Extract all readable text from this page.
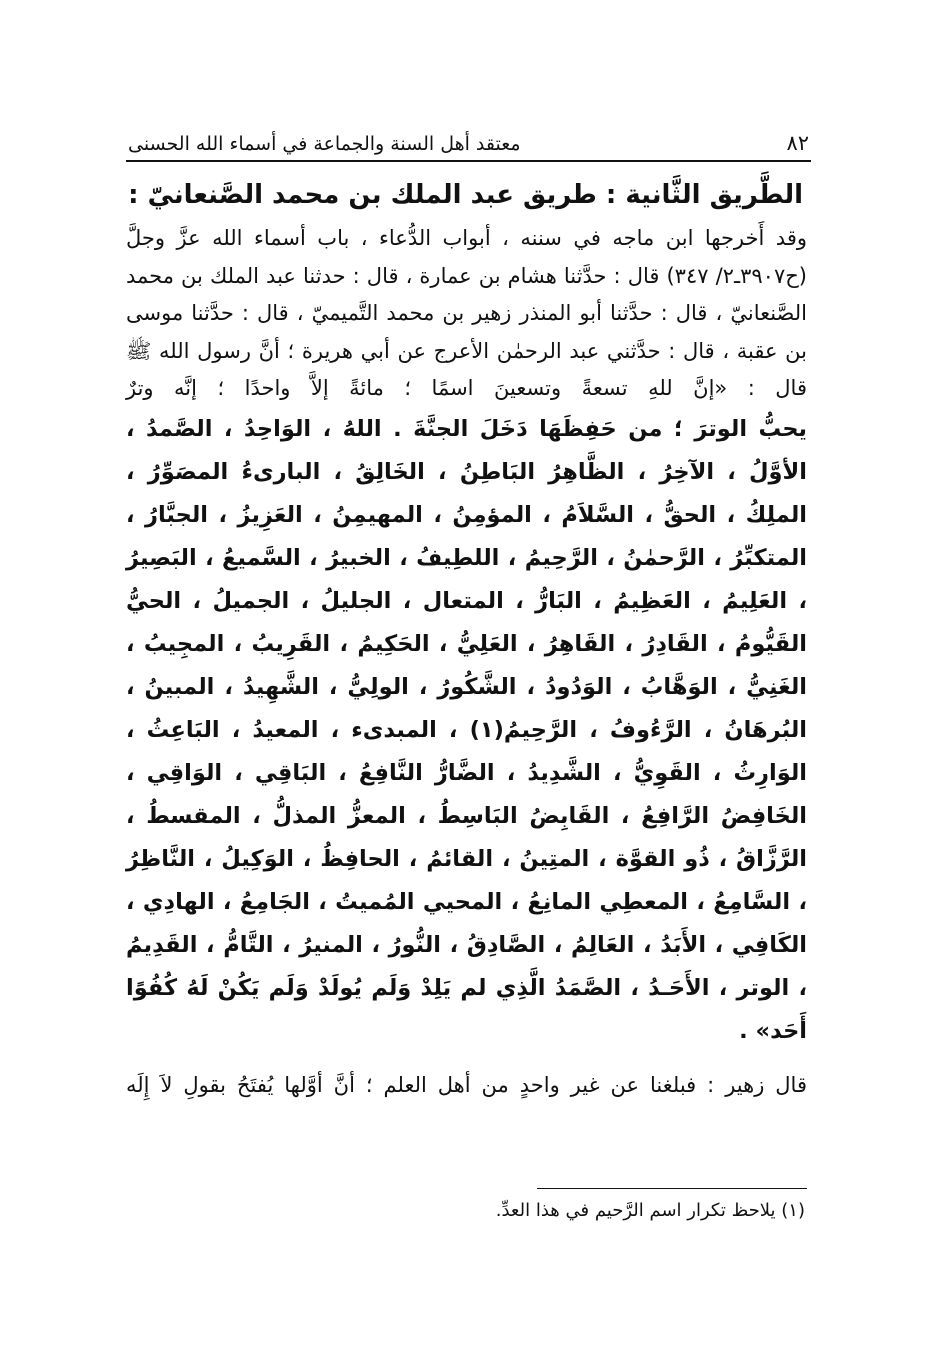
٨٢
معتقد أهل السنة والجماعة في أسماء الله الحسنى
الطَّريق الثَّانية : طريق عبد الملك بن محمد الصَّنعانيّ :

وقد أَخرجها ابن ماجه في سننه ، أبواب الدُّعاء ، باب أسماء الله عزَّ وجلَّ (ح٣٩٠٧ـ٢/ ٣٤٧) قال : حدَّثنا هشام بن عمارة ، قال : حدثنا عبد الملك بن محمد الصَّنعانيّ ، قال : حدَّثنا أبو المنذر زهير بن محمد التَّميميّ ، قال : حدَّثنا موسى بن عقبة ، قال : حدَّثني عبد الرحمٰن الأعرج عن أبي هريرة ؛ أنَّ رسول الله ﷺ قال : «إنَّ للهِ تسعةً وتسعينَ اسمًا ؛ مائةً إلاَّ واحدًا ؛ إنَّه وترٌ

يحبُّ الوترَ ؛ من حَفِظَهَا دَخَلَ الجنَّةَ . اللهُ ، الوَاحِدُ ، الصَّمدُ ، الأوَّلُ ، الآخِرُ ، الظَّاهِرُ البَاطِنُ ، الخَالِقُ ، البارىءُ المصَوِّرُ ، الملِكُ ، الحقُّ ، السَّلاَمُ ، المؤمِنُ ، المهيمِنُ ، العَزِيزُ ، الجبَّارُ ، المتكبِّرُ ، الرَّحمٰنُ ، الرَّحِيمُ ، اللطِيفُ ، الخبيرُ ، السَّميعُ ، البَصِيرُ ، العَلِيمُ ، العَظِيمُ ، البَارُّ ، المتعال ، الجليلُ ، الجميلُ ، الحيُّ القَيُّومُ ، القَادِرُ ، القَاهِرُ ، العَلِيُّ ، الحَكِيمُ ، القَرِيبُ ، المجِيبُ ، الغَنِيُّ ، الوَهَّابُ ، الوَدُودُ ، الشَّكُورُ ، الولِيُّ ، الشَّهِيدُ ، المبينُ ، البُرهَانُ ، الرَّءُوفُ ، الرَّحِيمُ(١) ، المبدىء ، المعيدُ ، البَاعِثُ ، الوَارِثُ ، القَوِيُّ ، الشَّدِيدُ ، الضَّارُّ النَّافِعُ ، البَاقِي ، الوَاقِي ، الخَافِضُ الرَّافِعُ ، القَابِضُ البَاسِطُ ، المعزُّ المذلُّ ، المقسطُ ، الرَّزَّاقُ ، ذُو القوَّة ، المتِينُ ، القائمُ ، الحافِظُ ، الوَكِيلُ ، النَّاظِرُ ، السَّامِعُ ، المعطِي المانِعُ ، المحيي المُميتُ ، الجَامِعُ ، الهادِي ، الكَافِي ، الأَبَدُ ، العَالِمُ ، الصَّادِقُ ، النُّورُ ، المنيرُ ، التَّامُّ ، القَدِيمُ ، الوتر ، الأَحَـدُ ، الصَّمَدُ الَّذِي لم يَلِدْ وَلَم يُولَدْ وَلَم يَكُنْ لَهُ كُفُوًا أَحَد» .

قال زهير : فبلغنا عن غير واحدٍ من أهل العلم ؛ أنَّ أوَّلها يُفتَحُ بقولِ لاَ إِلَه

(١) يلاحظ تكرار اسم الرَّحيم في هذا العدِّ.
